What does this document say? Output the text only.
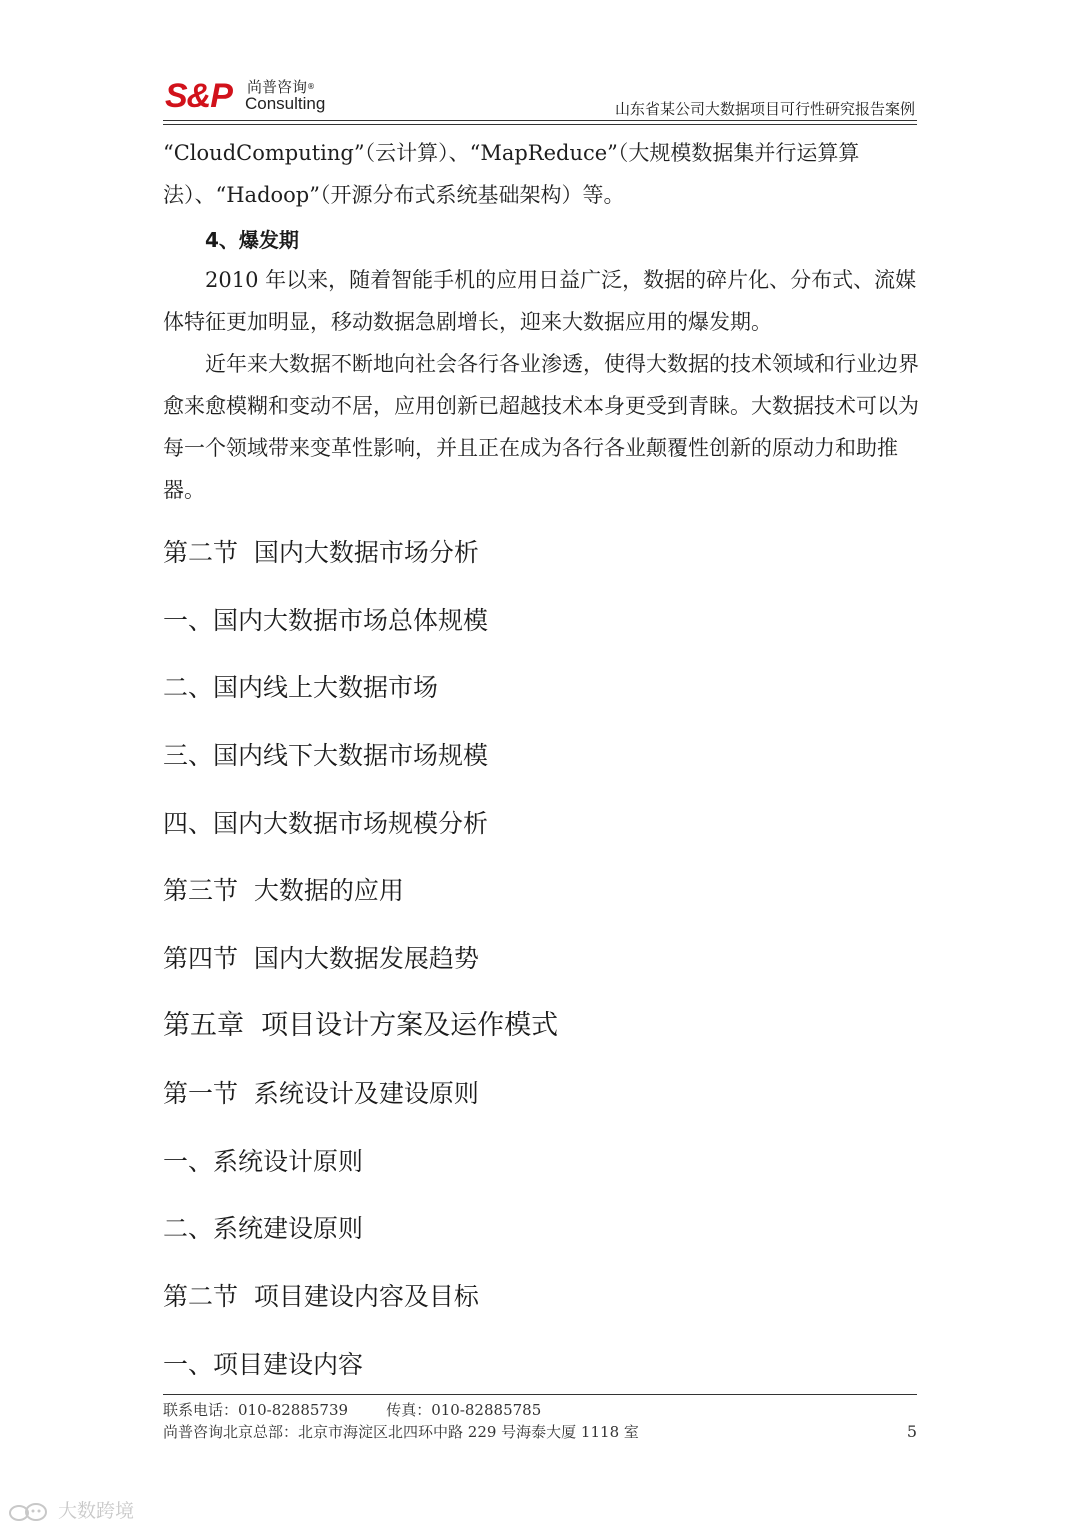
S&P 尚普咨询®
Consulting	山东省某公司大数据项目可行性研究报告案例
“CloudComputing”（云计算）、“MapReduce”（大规模数据集并行运算算法）、“Hadoop”（开源分布式系统基础架构）等。
4、爆发期
2010 年以来，随着智能手机的应用日益广泛，数据的碎片化、分布式、流媒体特征更加明显，移动数据急剧增长，迎来大数据应用的爆发期。
近年来大数据不断地向社会各行各业渗透，使得大数据的技术领域和行业边界愈来愈模糊和变动不居，应用创新已超越技术本身更受到青睐。大数据技术可以为每一个领域带来变革性影响，并且正在成为各行各业颠覆性创新的原动力和助推器。
第二节  国内大数据市场分析
一、国内大数据市场总体规模
二、国内线上大数据市场
三、国内线下大数据市场规模
四、国内大数据市场规模分析
第三节  大数据的应用
第四节  国内大数据发展趋势
第五章  项目设计方案及运作模式
第一节  系统设计及建设原则
一、系统设计原则
二、系统建设原则
第二节  项目建设内容及目标
一、项目建设内容
联系电话：010-82885739        传真：010-82885785
尚普咨询北京总部：北京市海淀区北四环中路 229 号海泰大厦 1118 室	5
大数跨境
